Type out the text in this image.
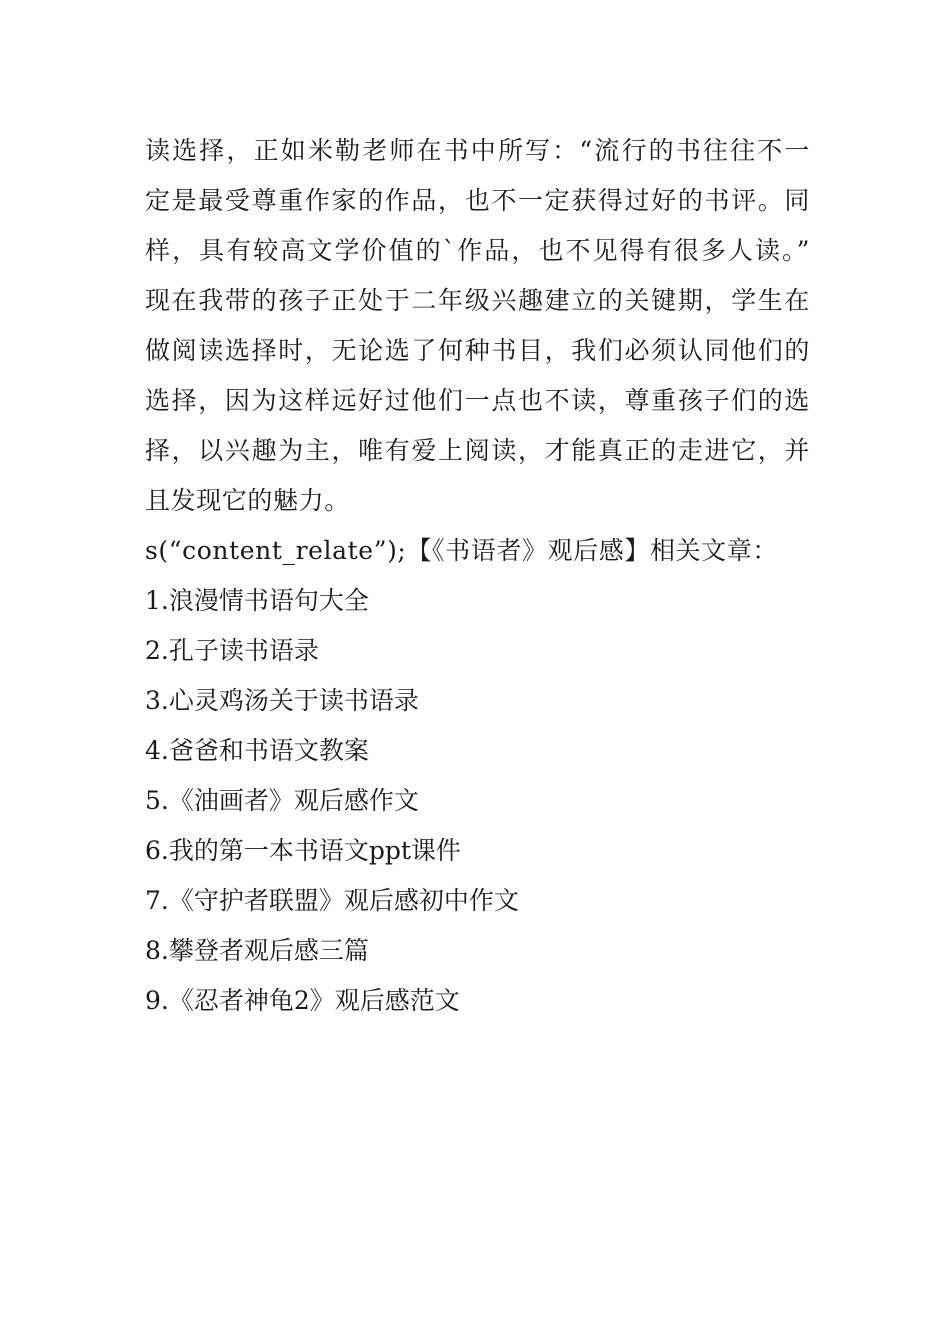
读选择，正如米勒老师在书中所写：“流行的书往往不一
定是最受尊重作家的作品，也不一定获得过好的书评。同
样，具有较高文学价值的`作品，也不见得有很多人读。”
现在我带的孩子正处于二年级兴趣建立的关键期，学生在
做阅读选择时，无论选了何种书目，我们必须认同他们的
选择，因为这样远好过他们一点也不读，尊重孩子们的选
择，以兴趣为主，唯有爱上阅读，才能真正的走进它，并
且发现它的魅力。
s(“content_relate”);【《书语者》观后感】相关文章：
1.浪漫情书语句大全
2.孔子读书语录
3.心灵鸡汤关于读书语录
4.爸爸和书语文教案
5.《油画者》观后感作文
6.我的第一本书语文ppt课件
7.《守护者联盟》观后感初中作文
8.攀登者观后感三篇
9.《忍者神龟2》观后感范文
